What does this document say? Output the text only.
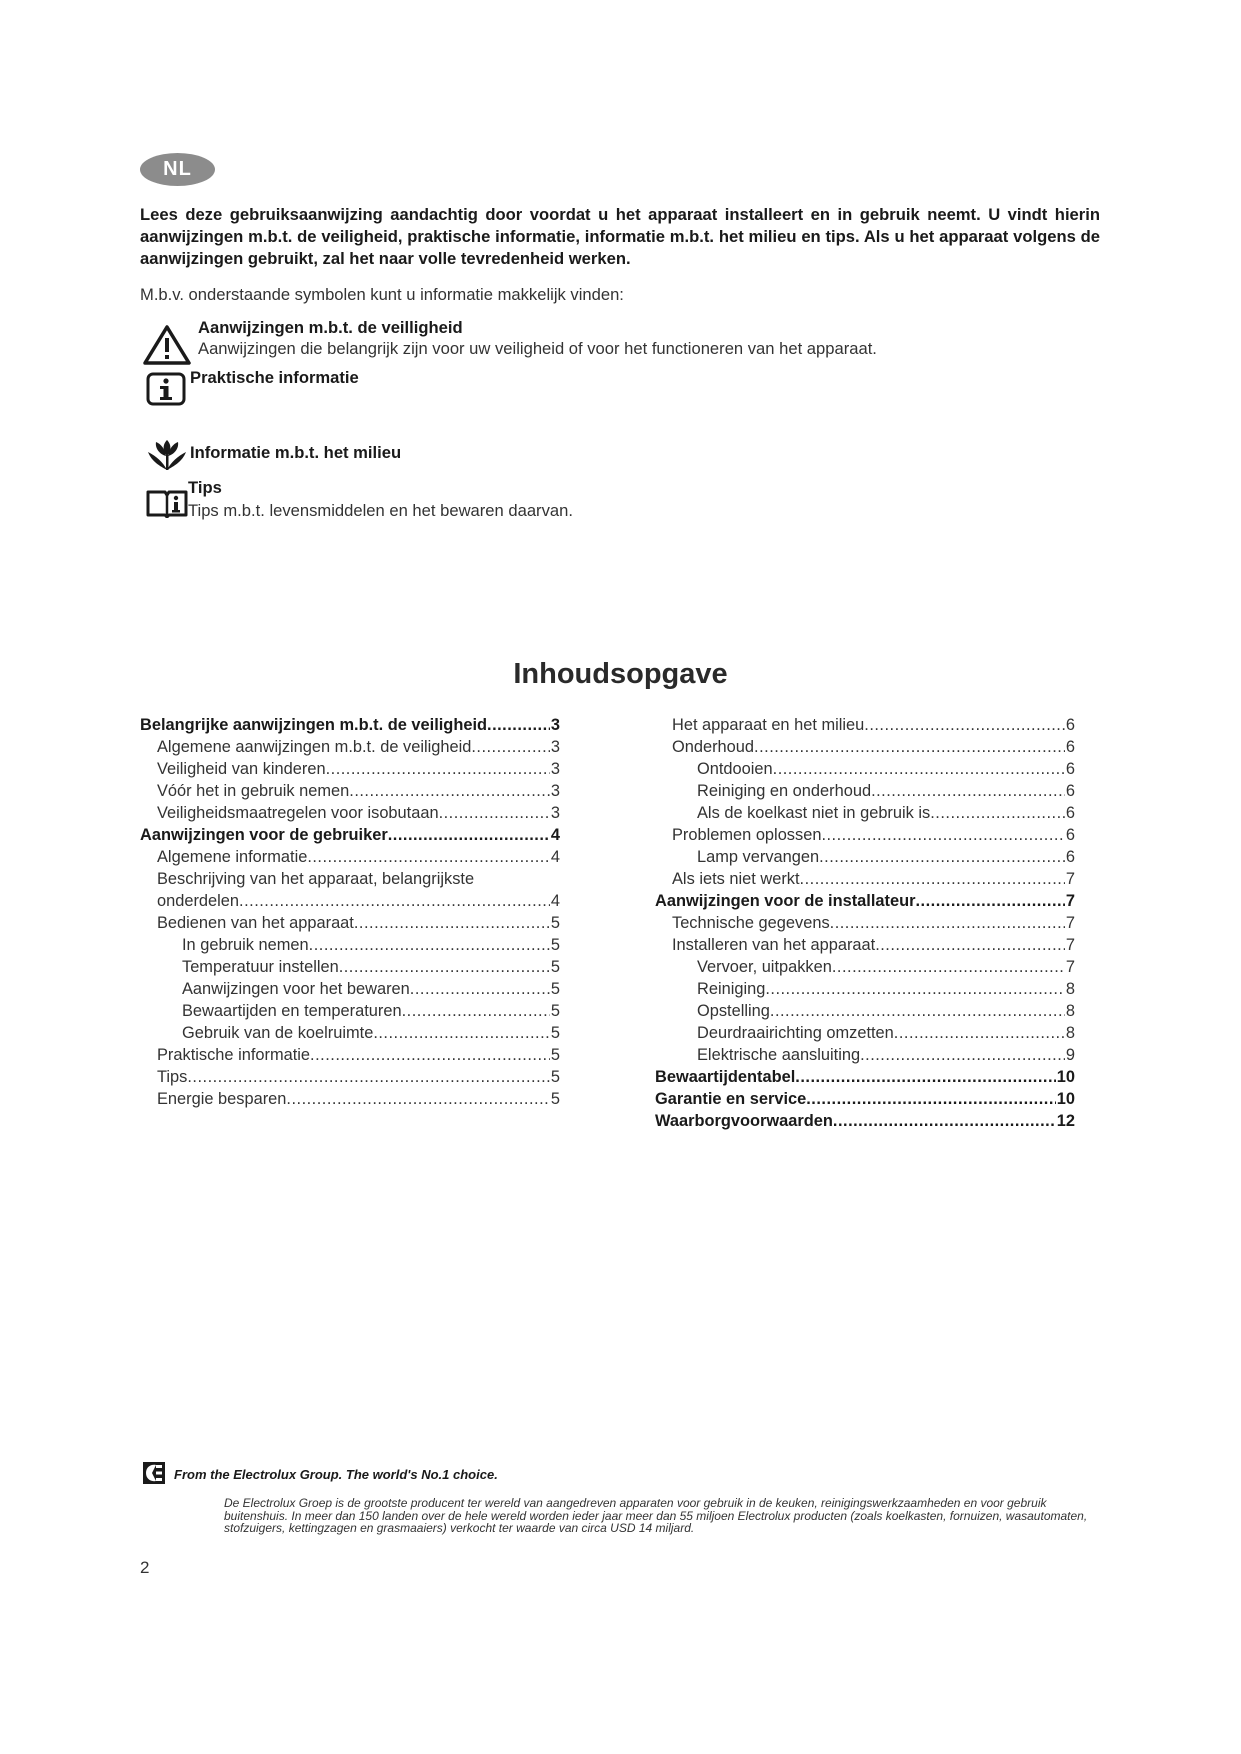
NL
Lees deze gebruiksaanwijzing aandachtig door voordat u het apparaat installeert en in gebruik neemt. U vindt hierin aanwijzingen m.b.t. de veiligheid, praktische informatie, informatie m.b.t. het milieu en tips. Als u het apparaat volgens de aanwijzingen gebruikt, zal het naar volle tevredenheid werken.
M.b.v. onderstaande symbolen kunt u informatie makkelijk vinden:
Aanwijzingen m.b.t. de veilligheid
Aanwijzingen die belangrijk zijn voor uw veiligheid of voor het functioneren van het apparaat.
Praktische informatie
Informatie m.b.t. het milieu
Tips
Tips m.b.t. levensmiddelen en het bewaren daarvan.
Inhoudsopgave
Belangrijke aanwijzingen m.b.t. de veiligheid .....	3
Algemene aanwijzingen m.b.t. de veiligheid .....	3
Veiligheid van kinderen .....	3
Vóór het in gebruik nemen .....	3
Veiligheidsmaatregelen voor isobutaan .....	3
Aanwijzingen voor de gebruiker .....	4
Algemene informatie .....	4
Beschrijving van het apparaat, belangrijkste
onderdelen .....	4
Bedienen van het apparaat .....	5
In gebruik nemen .....	5
Temperatuur instellen .....	5
Aanwijzingen voor het bewaren .....	5
Bewaartijden en temperaturen .....	5
Gebruik van de koelruimte .....	5
Praktische informatie .....	5
Tips .....	5
Energie besparen .....	5
Het apparaat en het milieu .....	6
Onderhoud .....	6
Ontdooien .....	6
Reiniging en onderhoud .....	6
Als de koelkast niet in gebruik is .....	6
Problemen oplossen .....	6
Lamp vervangen .....	6
Als iets niet werkt .....	7
Aanwijzingen voor de installateur .....	7
Technische gegevens .....	7
Installeren van het apparaat .....	7
Vervoer, uitpakken .....	7
Reiniging .....	8
Opstelling .....	8
Deurdraairichting omzetten .....	8
Elektrische aansluiting .....	9
Bewaartijdentabel .....	10
Garantie en service .....	10
Waarborgvoorwaarden .....	12
From the Electrolux Group. The world's No.1 choice.
De Electrolux Groep is de grootste producent ter wereld van aangedreven apparaten voor gebruik in de keuken, reinigingswerkzaamheden en voor gebruik buitenshuis. In meer dan 150 landen over de hele wereld worden ieder jaar meer dan 55 miljoen Electrolux producten (zoals koelkasten, fornuizen, wasautomaten, stofzuigers, kettingzagen en grasmaaiers) verkocht ter waarde van circa USD 14 miljard.
2
